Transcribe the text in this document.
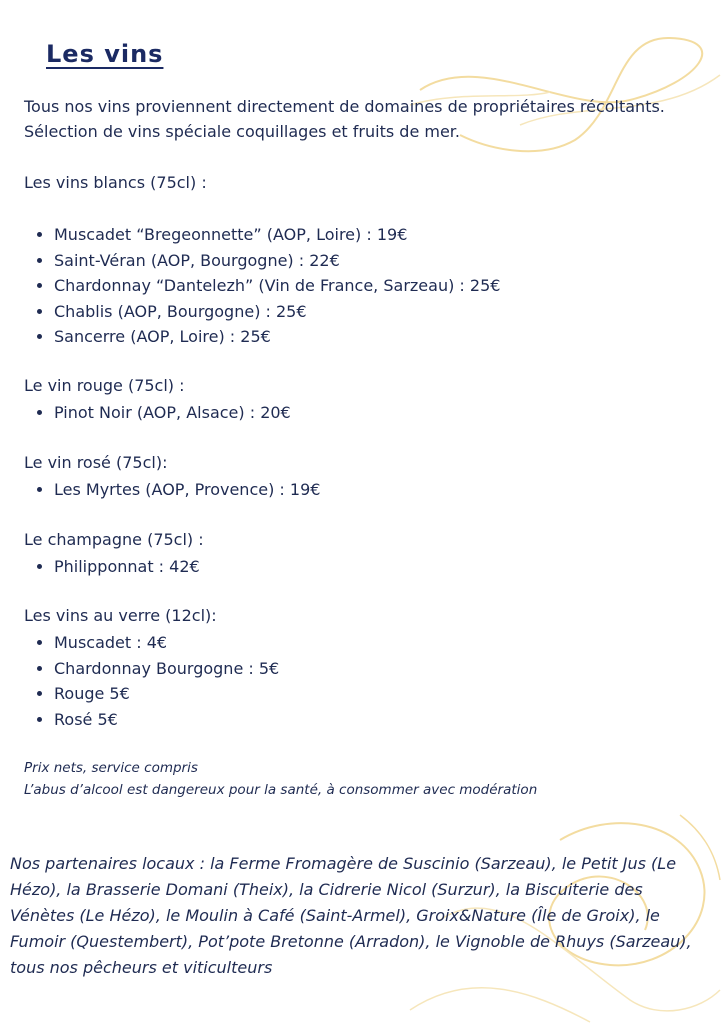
Les vins

Tous nos vins proviennent directement de domaines de propriétaires récoltants.

Sélection de vins spéciale coquillages et fruits de mer.

Les vins blancs (75cl) :

• Muscadet “Bregeonnette” (AOP, Loire) : 19€
• Saint-Véran (AOP, Bourgogne) : 22€
• Chardonnay “Dantelezh” (Vin de France, Sarzeau) : 25€
• Chablis (AOP, Bourgogne) : 25€
• Sancerre (AOP, Loire) : 25€

Le vin rouge (75cl) :

• Pinot Noir (AOP, Alsace) : 20€

Le vin rosé (75cl):

• Les Myrtes (AOP, Provence) : 19€

Le champagne (75cl) :

• Philipponnat : 42€

Les vins au verre (12cl):

• Muscadet : 4€
• Chardonnay Bourgogne : 5€
• Rouge 5€
• Rosé 5€

Prix nets, service compris

L’abus d’alcool est dangereux pour la santé, à consommer avec modération

Nos partenaires locaux : la Ferme Fromagère de Suscinio (Sarzeau), le Petit Jus (Le Hézo), la Brasserie Domani (Theix), la Cidrerie Nicol (Surzur), la Biscuiterie des Vénètes (Le Hézo), le Moulin à Café (Saint-Armel), Groix&Nature (Île de Groix), le Fumoir (Questembert), Pot’pote Bretonne (Arradon), le Vignoble de Rhuys (Sarzeau), tous nos pêcheurs et viticulteurs
